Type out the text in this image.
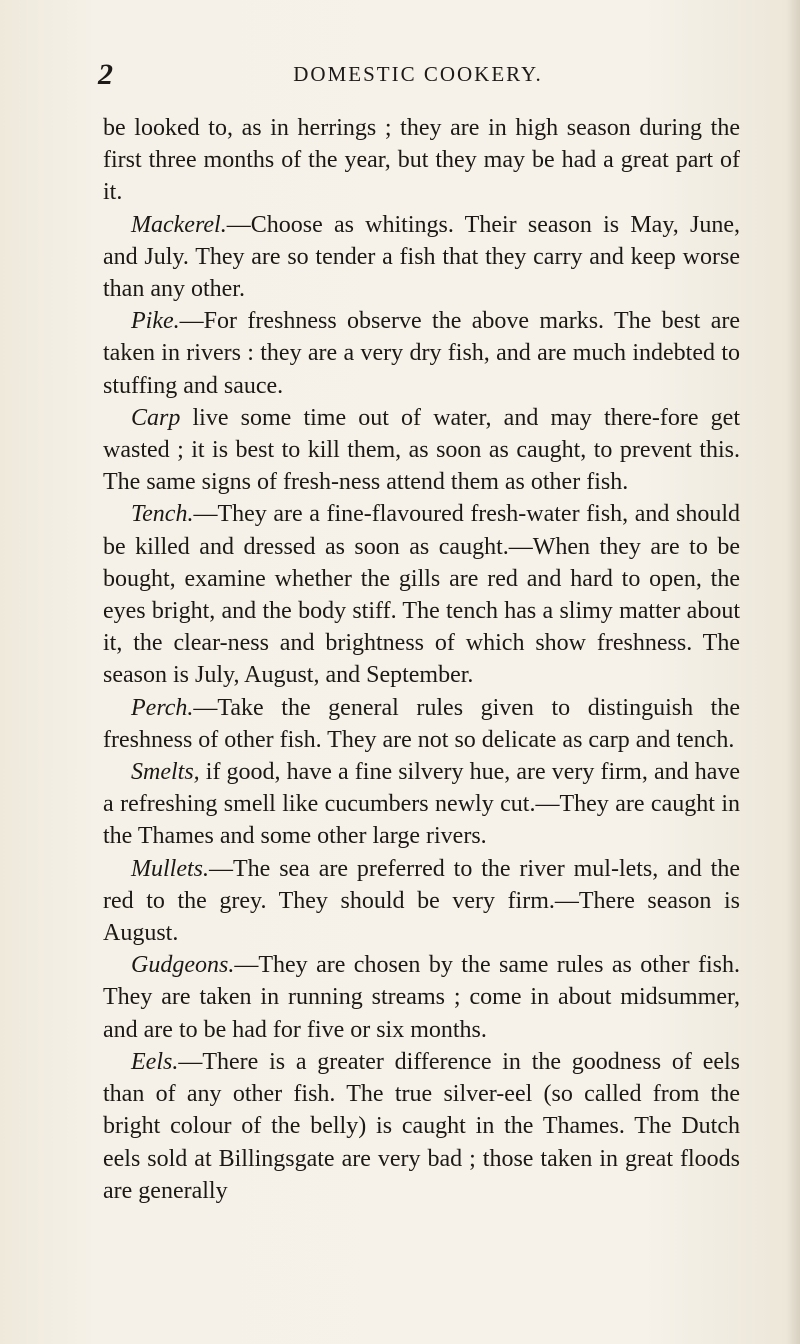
2	DOMESTIC COOKERY.

be looked to, as in herrings ; they are in high season during the first three months of the year, but they may be had a great part of it.

Mackerel.—Choose as whitings. Their season is May, June, and July. They are so tender a fish that they carry and keep worse than any other.

Pike.—For freshness observe the above marks. The best are taken in rivers : they are a very dry fish, and are much indebted to stuffing and sauce.

Carp live some time out of water, and may there-fore get wasted ; it is best to kill them, as soon as caught, to prevent this. The same signs of fresh-ness attend them as other fish.

Tench.—They are a fine-flavoured fresh-water fish, and should be killed and dressed as soon as caught.—When they are to be bought, examine whether the gills are red and hard to open, the eyes bright, and the body stiff. The tench has a slimy matter about it, the clear-ness and brightness of which show freshness. The season is July, August, and September.

Perch.—Take the general rules given to distinguish the freshness of other fish. They are not so delicate as carp and tench.

Smelts, if good, have a fine silvery hue, are very firm, and have a refreshing smell like cucumbers newly cut.—They are caught in the Thames and some other large rivers.

Mullets.—The sea are preferred to the river mul-lets, and the red to the grey. They should be very firm.—There season is August.

Gudgeons.—They are chosen by the same rules as other fish. They are taken in running streams ; come in about midsummer, and are to be had for five or six months.

Eels.—There is a greater difference in the goodness of eels than of any other fish. The true silver-eel (so called from the bright colour of the belly) is caught in the Thames. The Dutch eels sold at Billingsgate are very bad ; those taken in great floods are generally
